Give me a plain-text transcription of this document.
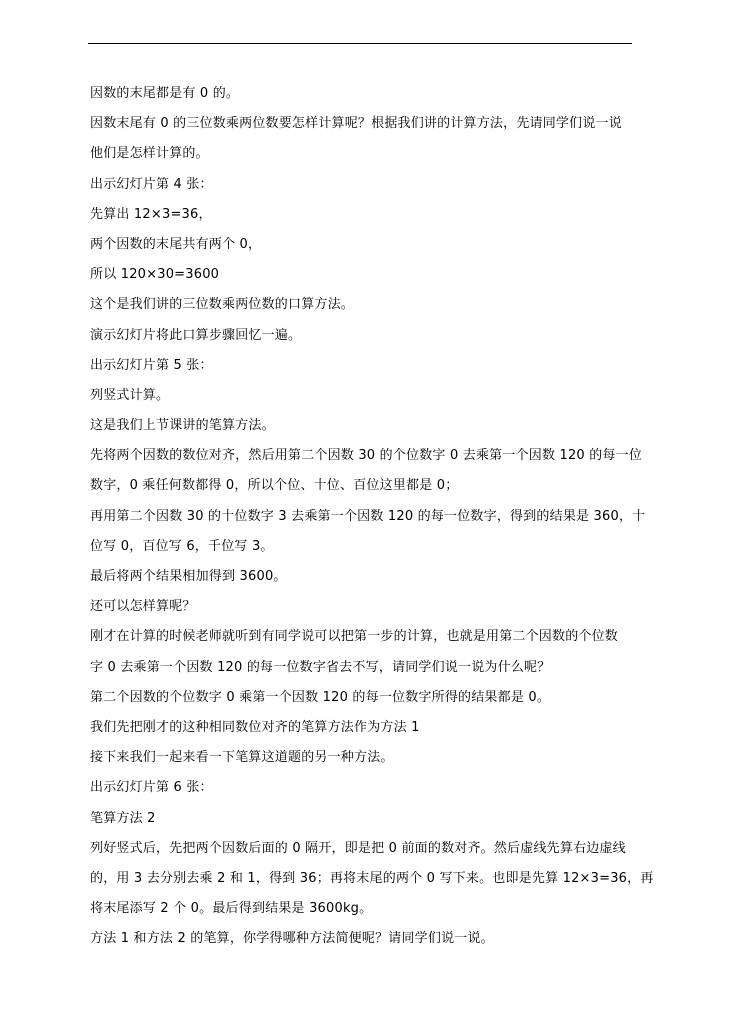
因数的末尾都是有 0 的。
因数末尾有 0 的三位数乘两位数要怎样计算呢？根据我们讲的计算方法，先请同学们说一说
他们是怎样计算的。
出示幻灯片第 4 张：
先算出 12×3=36，
两个因数的末尾共有两个 0，
所以 120×30=3600
这个是我们讲的三位数乘两位数的口算方法。
演示幻灯片将此口算步骤回忆一遍。
出示幻灯片第 5 张：
列竖式计算。
这是我们上节课讲的笔算方法。
先将两个因数的数位对齐，然后用第二个因数 30 的个位数字 0 去乘第一个因数 120 的每一位
数字，0 乘任何数都得 0，所以个位、十位、百位这里都是 0；
再用第二个因数 30 的十位数字 3 去乘第一个因数 120 的每一位数字，得到的结果是 360，十
位写 0，百位写 6，千位写 3。
最后将两个结果相加得到 3600。
还可以怎样算呢？
刚才在计算的时候老师就听到有同学说可以把第一步的计算，也就是用第二个因数的个位数
字 0 去乘第一个因数 120 的每一位数字省去不写，请同学们说一说为什么呢？
第二个因数的个位数字 0 乘第一个因数 120 的每一位数字所得的结果都是 0。
我们先把刚才的这种相同数位对齐的笔算方法作为方法 1
接下来我们一起来看一下笔算这道题的另一种方法。
出示幻灯片第 6 张：
笔算方法 2
列好竖式后，先把两个因数后面的 0 隔开，即是把 0 前面的数对齐。然后虚线先算右边虚线
的，用 3 去分别去乘 2 和 1，得到 36；再将末尾的两个 0 写下来。也即是先算 12×3=36，再
将末尾添写 2 个 0。最后得到结果是 3600kg。
方法 1 和方法 2 的笔算，你学得哪种方法简便呢？请同学们说一说。
